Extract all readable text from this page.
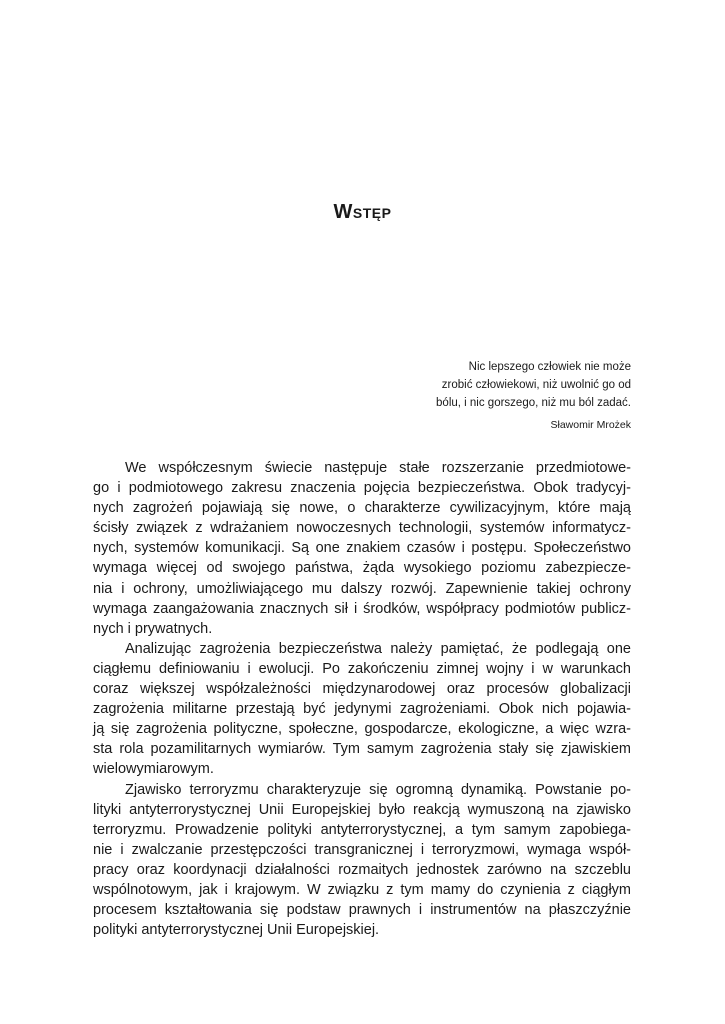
Wstęp
Nic lepszego człowiek nie może
zrobić człowiekowi, niż uwolnić go od
bólu, i nic gorszego, niż mu ból zadać.
Sławomir Mrożek
We współczesnym świecie następuje stałe rozszerzanie przedmiotowe-
go i podmiotowego zakresu znaczenia pojęcia bezpieczeństwa. Obok tradycyj-
nych zagrożeń pojawiają się nowe, o charakterze cywilizacyjnym, które mają
ścisły związek z wdrażaniem nowoczesnych technologii, systemów informatycz-
nych, systemów komunikacji. Są one znakiem czasów i postępu. Społeczeństwo
wymaga więcej od swojego państwa, żąda wysokiego poziomu zabezpiecze-
nia i ochrony, umożliwiającego mu dalszy rozwój. Zapewnienie takiej ochrony
wymaga zaangażowania znacznych sił i środków, współpracy podmiotów publicz-
nych i prywatnych.
Analizując zagrożenia bezpieczeństwa należy pamiętać, że podlegają one
ciągłemu definiowaniu i ewolucji. Po zakończeniu zimnej wojny i w warunkach
coraz większej współzależności międzynarodowej oraz procesów globalizacji
zagrożenia militarne przestają być jedynymi zagrożeniami. Obok nich pojawia-
ją się zagrożenia polityczne, społeczne, gospodarcze, ekologiczne, a więc wzra-
sta rola pozamilitarnych wymiarów. Tym samym zagrożenia stały się zjawiskiem
wielowymiarowym.
Zjawisko terroryzmu charakteryzuje się ogromną dynamiką. Powstanie po-
lityki antyterrorystycznej Unii Europejskiej było reakcją wymuszoną na zjawisko
terroryzmu. Prowadzenie polityki antyterrorystycznej, a tym samym zapobiega-
nie i zwalczanie przestępczości transgranicznej i terroryzmowi, wymaga współ-
pracy oraz koordynacji działalności rozmaitych jednostek zarówno na szczeblu
wspólnotowym, jak i krajowym. W związku z tym mamy do czynienia z ciągłym
procesem kształtowania się podstaw prawnych i instrumentów na płaszczyźnie
polityki antyterrorystycznej Unii Europejskiej.
